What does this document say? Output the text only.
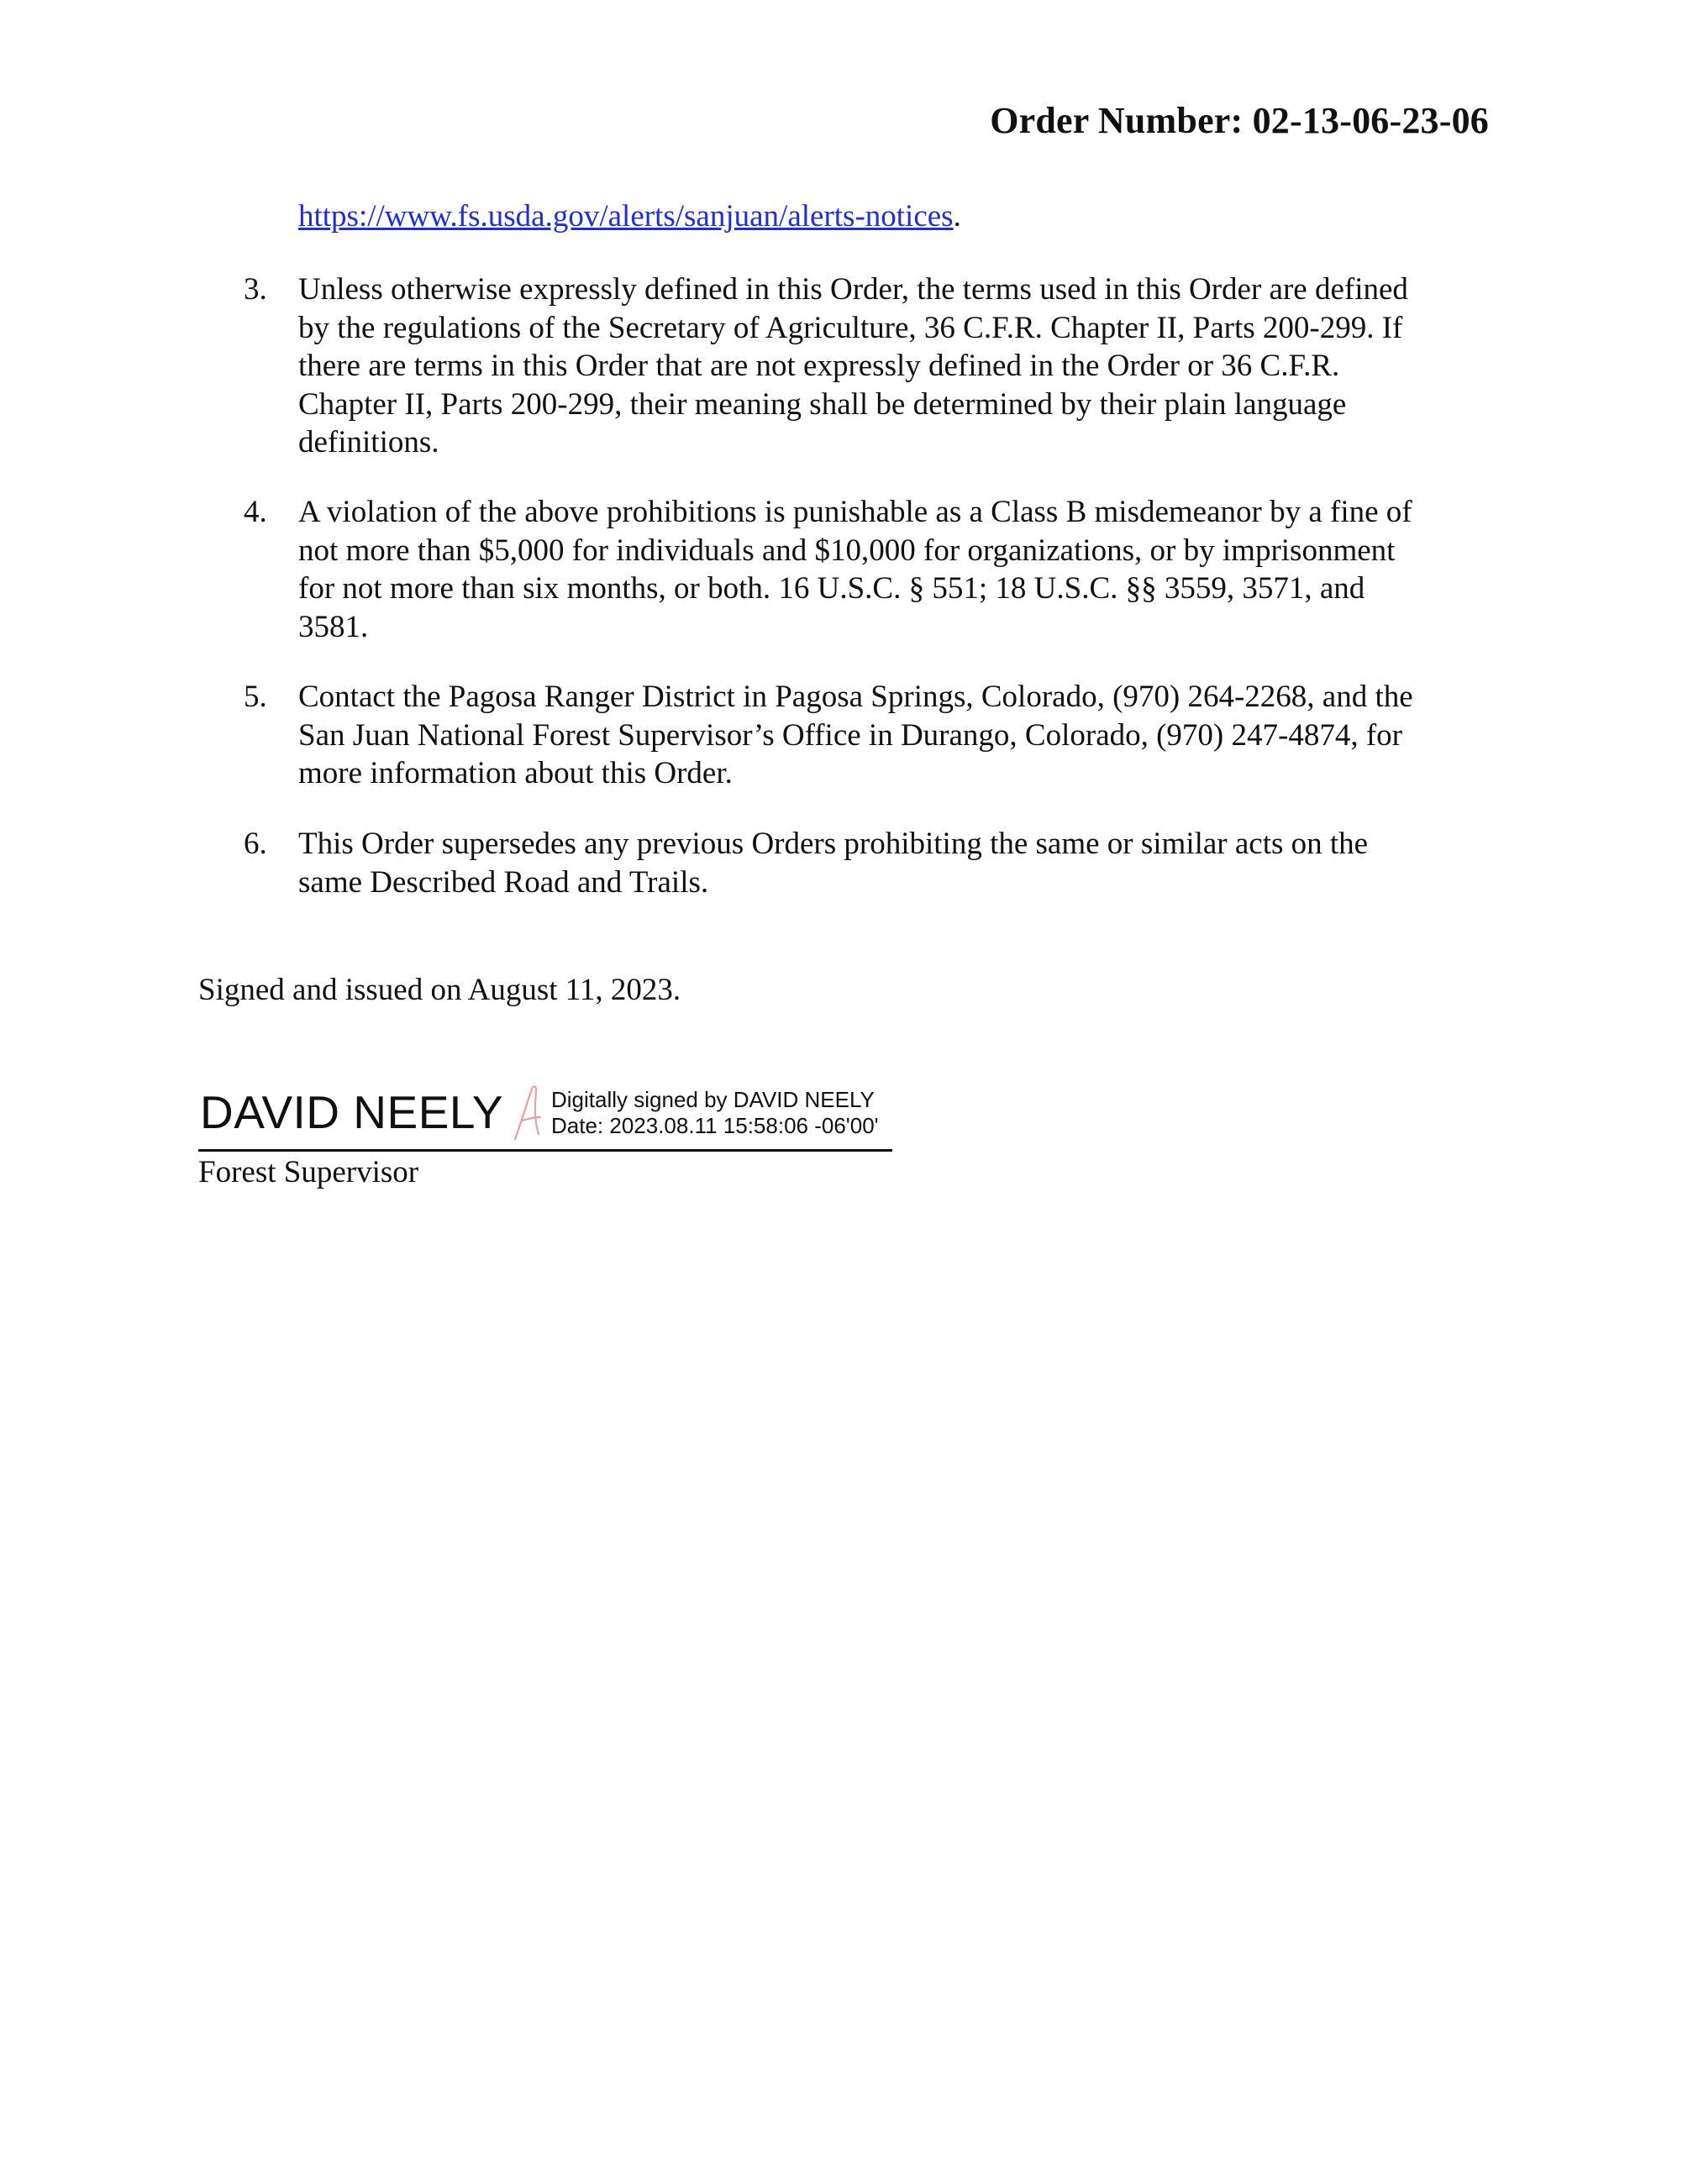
Order Number: 02-13-06-23-06
https://www.fs.usda.gov/alerts/sanjuan/alerts-notices.
3.	Unless otherwise expressly defined in this Order, the terms used in this Order are defined
by the regulations of the Secretary of Agriculture, 36 C.F.R. Chapter II, Parts 200-299. If
there are terms in this Order that are not expressly defined in the Order or 36 C.F.R.
Chapter II, Parts 200-299, their meaning shall be determined by their plain language
definitions.
4.	A violation of the above prohibitions is punishable as a Class B misdemeanor by a fine of
not more than $5,000 for individuals and $10,000 for organizations, or by imprisonment
for not more than six months, or both. 16 U.S.C. § 551; 18 U.S.C. §§ 3559, 3571, and
3581.
5.	Contact the Pagosa Ranger District in Pagosa Springs, Colorado, (970) 264-2268, and the
San Juan National Forest Supervisor’s Office in Durango, Colorado, (970) 247-4874, for
more information about this Order.
6.	This Order supersedes any previous Orders prohibiting the same or similar acts on the
same Described Road and Trails.
Signed and issued on August 11, 2023.
DAVID NEELY Digitally signed by DAVID NEELY
Date: 2023.08.11 15:58:06 -06'00'
Forest Supervisor
